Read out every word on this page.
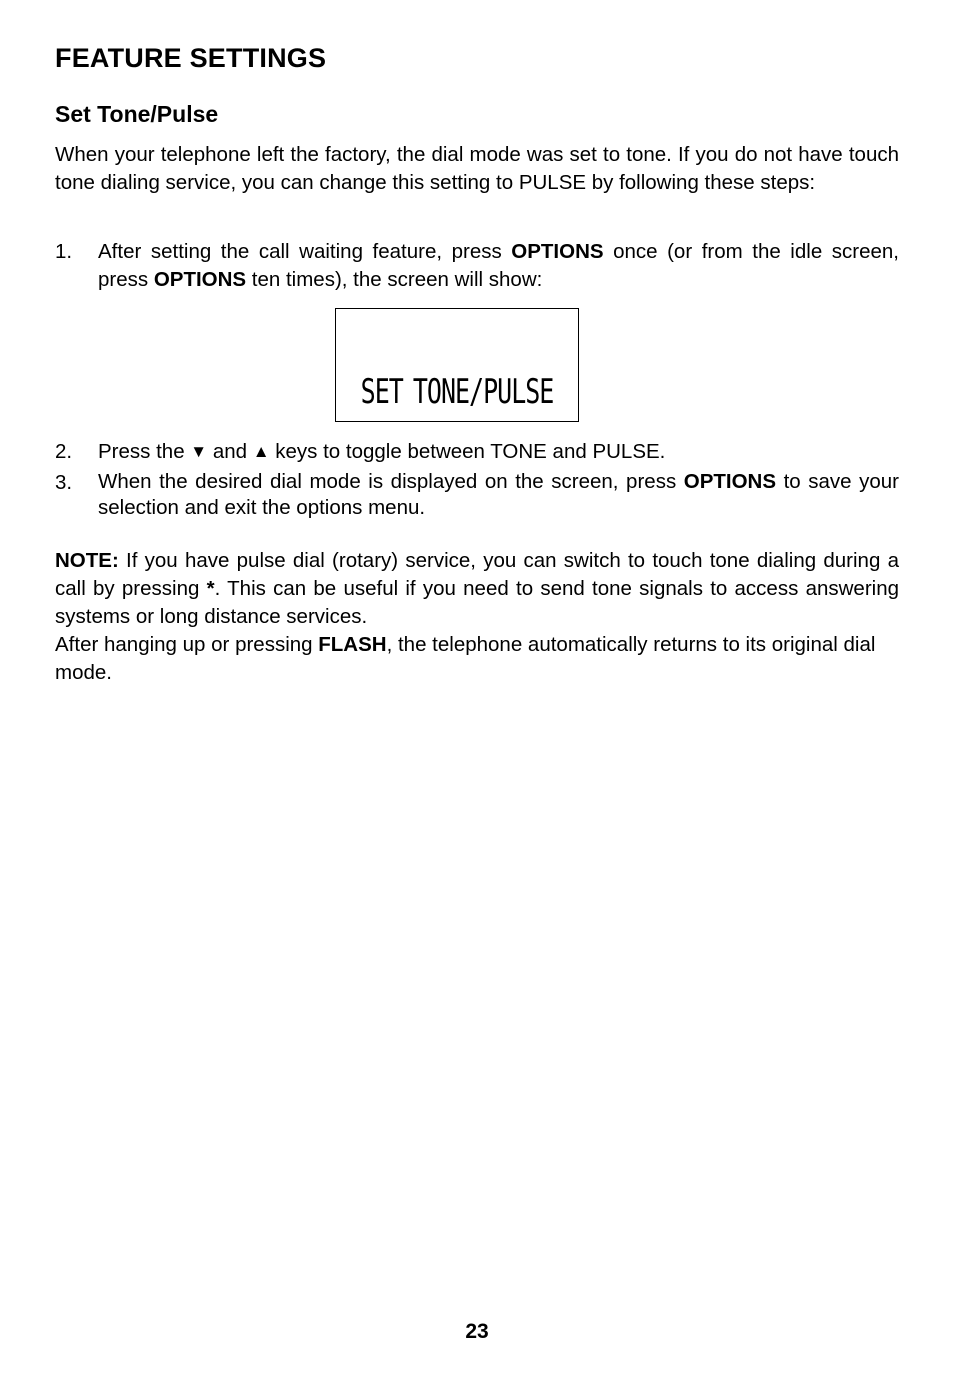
FEATURE SETTINGS
Set Tone/Pulse

When your telephone left the factory, the dial mode was set to tone. If you do not have touch tone dialing service, you can change this setting to PULSE by following these steps:

1.	After setting the call waiting feature, press OPTIONS once (or from the idle screen, press OPTIONS ten times), the screen will show:
SET TONE/PULSE
2.	Press the ▼ and ▲ keys to toggle between TONE and PULSE.
3.	When the desired dial mode is displayed on the screen, press OPTIONS to save your selection and exit the options menu.

NOTE: If you have pulse dial (rotary) service, you can switch to touch tone dialing during a call by pressing *. This can be useful if you need to send tone signals to access answering systems or long distance services.

After hanging up or pressing FLASH, the telephone automatically returns to its original dial mode.

23
